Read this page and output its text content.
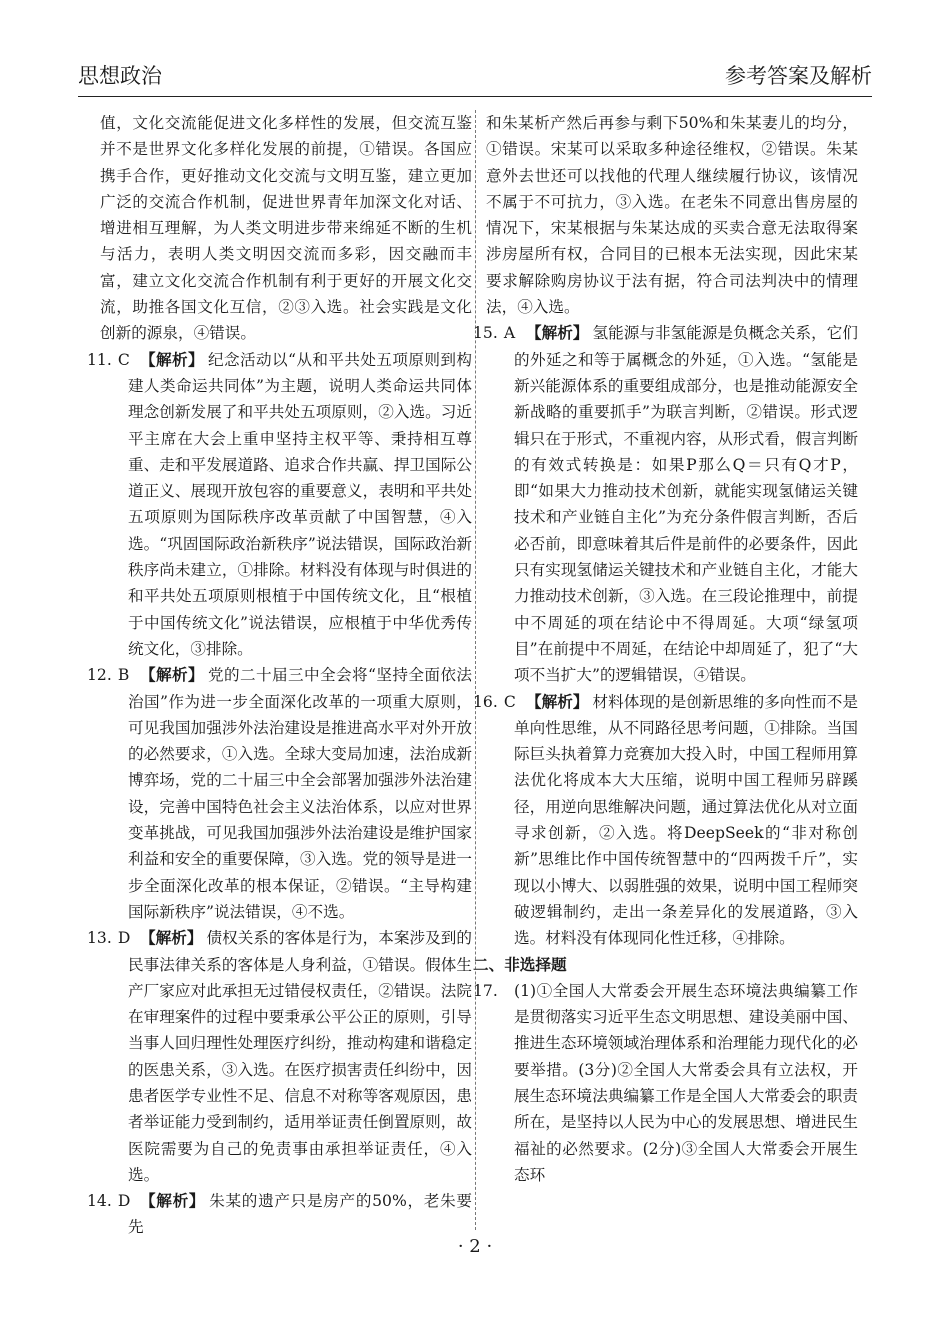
思想政治	参考答案及解析

值，文化交流能促进文化多样性的发展，但交流互鉴并不是世界文化多样化发展的前提，①错误。各国应携手合作，更好推动文化交流与文明互鉴，建立更加广泛的交流合作机制，促进世界青年加深文化对话、增进相互理解，为人类文明进步带来绵延不断的生机与活力，表明人类文明因交流而多彩，因交融而丰富，建立文化交流合作机制有利于更好的开展文化交流，助推各国文化互信，②③入选。社会实践是文化创新的源泉，④错误。

11. C 【解析】 纪念活动以“从和平共处五项原则到构建人类命运共同体”为主题，说明人类命运共同体理念创新发展了和平共处五项原则，②入选。习近平主席在大会上重申坚持主权平等、秉持相互尊重、走和平发展道路、追求合作共赢、捍卫国际公道正义、展现开放包容的重要意义，表明和平共处五项原则为国际秩序改革贡献了中国智慧，④入选。“巩固国际政治新秩序”说法错误，国际政治新秩序尚未建立，①排除。材料没有体现与时俱进的和平共处五项原则根植于中国传统文化，且“根植于中国传统文化”说法错误，应根植于中华优秀传统文化，③排除。
12. B 【解析】 党的二十届三中全会将“坚持全面依法治国”作为进一步全面深化改革的一项重大原则，可见我国加强涉外法治建设是推进高水平对外开放的必然要求，①入选。全球大变局加速，法治成新博弈场，党的二十届三中全会部署加强涉外法治建设，完善中国特色社会主义法治体系，以应对世界变革挑战，可见我国加强涉外法治建设是维护国家利益和安全的重要保障，③入选。党的领导是进一步全面深化改革的根本保证，②错误。“主导构建国际新秩序”说法错误，④不选。
13. D 【解析】 债权关系的客体是行为，本案涉及到的民事法律关系的客体是人身利益，①错误。假体生产厂家应对此承担无过错侵权责任，②错误。法院在审理案件的过程中要秉承公平公正的原则，引导当事人回归理性处理医疗纠纷，推动构建和谐稳定的医患关系，③入选。在医疗损害责任纠纷中，因患者医学专业性不足、信息不对称等客观原因，患者举证能力受到制约，适用举证责任倒置原则，故医院需要为自己的免责事由承担举证责任，④入选。
14. D 【解析】 朱某的遗产只是房产的50%，老朱要先

和朱某析产然后再参与剩下50%和朱某妻儿的均分，①错误。宋某可以采取多种途径维权，②错误。朱某意外去世还可以找他的代理人继续履行协议，该情况不属于不可抗力，③入选。在老朱不同意出售房屋的情况下，宋某根据与朱某达成的买卖合意无法取得案涉房屋所有权，合同目的已根本无法实现，因此宋某要求解除购房协议于法有据，符合司法判决中的情理法，④入选。

15. A 【解析】 氢能源与非氢能源是负概念关系，它们的外延之和等于属概念的外延，①入选。“氢能是新兴能源体系的重要组成部分，也是推动能源安全新战略的重要抓手”为联言判断，②错误。形式逻辑只在于形式，不重视内容，从形式看，假言判断的有效式转换是：如果P那么Q＝只有Q才P，即“如果大力推动技术创新，就能实现氢储运关键技术和产业链自主化”为充分条件假言判断，否后必否前，即意味着其后件是前件的必要条件，因此只有实现氢储运关键技术和产业链自主化，才能大力推动技术创新，③入选。在三段论推理中，前提中不周延的项在结论中不得周延。大项“绿氢项目”在前提中不周延，在结论中却周延了，犯了“大项不当扩大”的逻辑错误，④错误。
16. C 【解析】 材料体现的是创新思维的多向性而不是单向性思维，从不同路径思考问题，①排除。当国际巨头执着算力竞赛加大投入时，中国工程师用算法优化将成本大大压缩，说明中国工程师另辟蹊径，用逆向思维解决问题，通过算法优化从对立面寻求创新，②入选。将DeepSeek的“非对称创新”思维比作中国传统智慧中的“四两拨千斤”，实现以小博大、以弱胜强的效果，说明中国工程师突破逻辑制约，走出一条差异化的发展道路，③入选。材料没有体现同化性迁移，④排除。

二、非选择题

17. (1)①全国人大常委会开展生态环境法典编纂工作是贯彻落实习近平生态文明思想、建设美丽中国、推进生态环境领域治理体系和治理能力现代化的必要举措。(3分)②全国人大常委会具有立法权，开展生态环境法典编纂工作是全国人大常委会的职责所在，是坚持以人民为中心的发展思想、增进民生福祉的必然要求。(2分)③全国人大常委会开展生态环
· 2 ·
